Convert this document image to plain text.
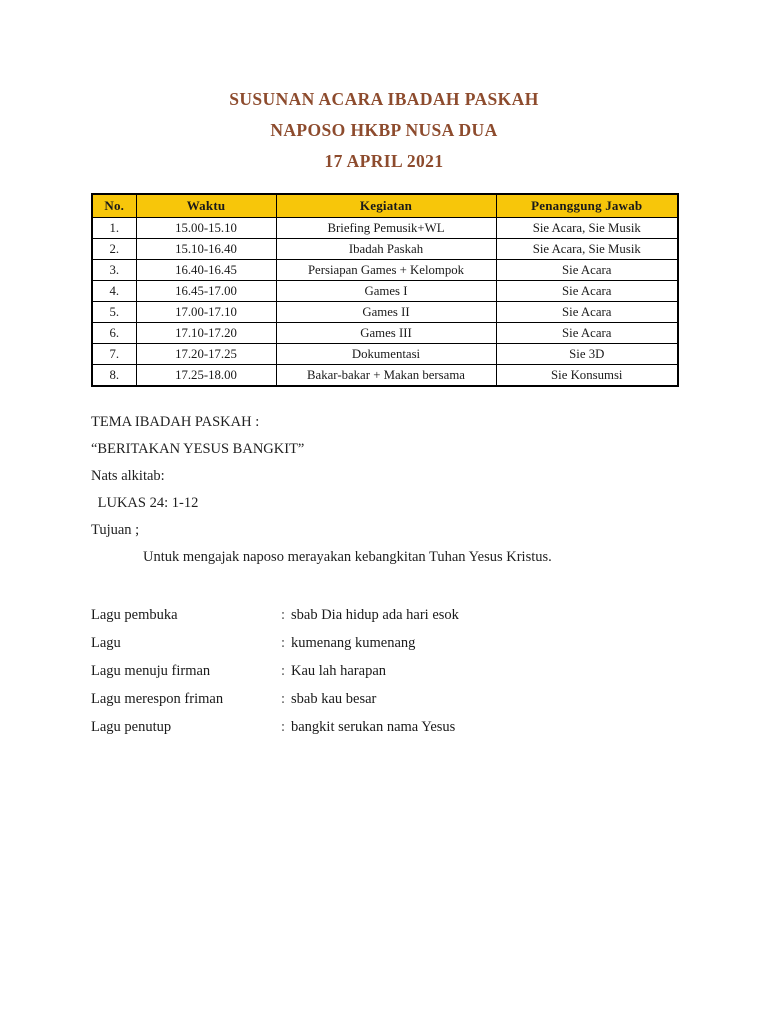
SUSUNAN ACARA IBADAH PASKAH
NAPOSO HKBP NUSA DUA
17 APRIL 2021
No.	Waktu	Kegiatan	Penanggung Jawab
1.	15.00-15.10	Briefing Pemusik+WL	Sie Acara, Sie Musik
2.	15.10-16.40	Ibadah Paskah	Sie Acara, Sie Musik
3.	16.40-16.45	Persiapan Games + Kelompok	Sie Acara
4.	16.45-17.00	Games I	Sie Acara
5.	17.00-17.10	Games II	Sie Acara
6.	17.10-17.20	Games III	Sie Acara
7.	17.20-17.25	Dokumentasi	Sie 3D
8.	17.25-18.00	Bakar-bakar + Makan bersama	Sie Konsumsi
TEMA IBADAH PASKAH :
“BERITAKAN YESUS BANGKIT”
Nats alkitab:
LUKAS 24: 1-12
Tujuan ;
Untuk mengajak naposo merayakan kebangkitan Tuhan Yesus Kristus.
Lagu pembuka	: sbab Dia hidup ada hari esok
Lagu	: kumenang kumenang
Lagu menuju firman	: Kau lah harapan
Lagu merespon friman	: sbab kau besar
Lagu penutup	: bangkit serukan nama Yesus
